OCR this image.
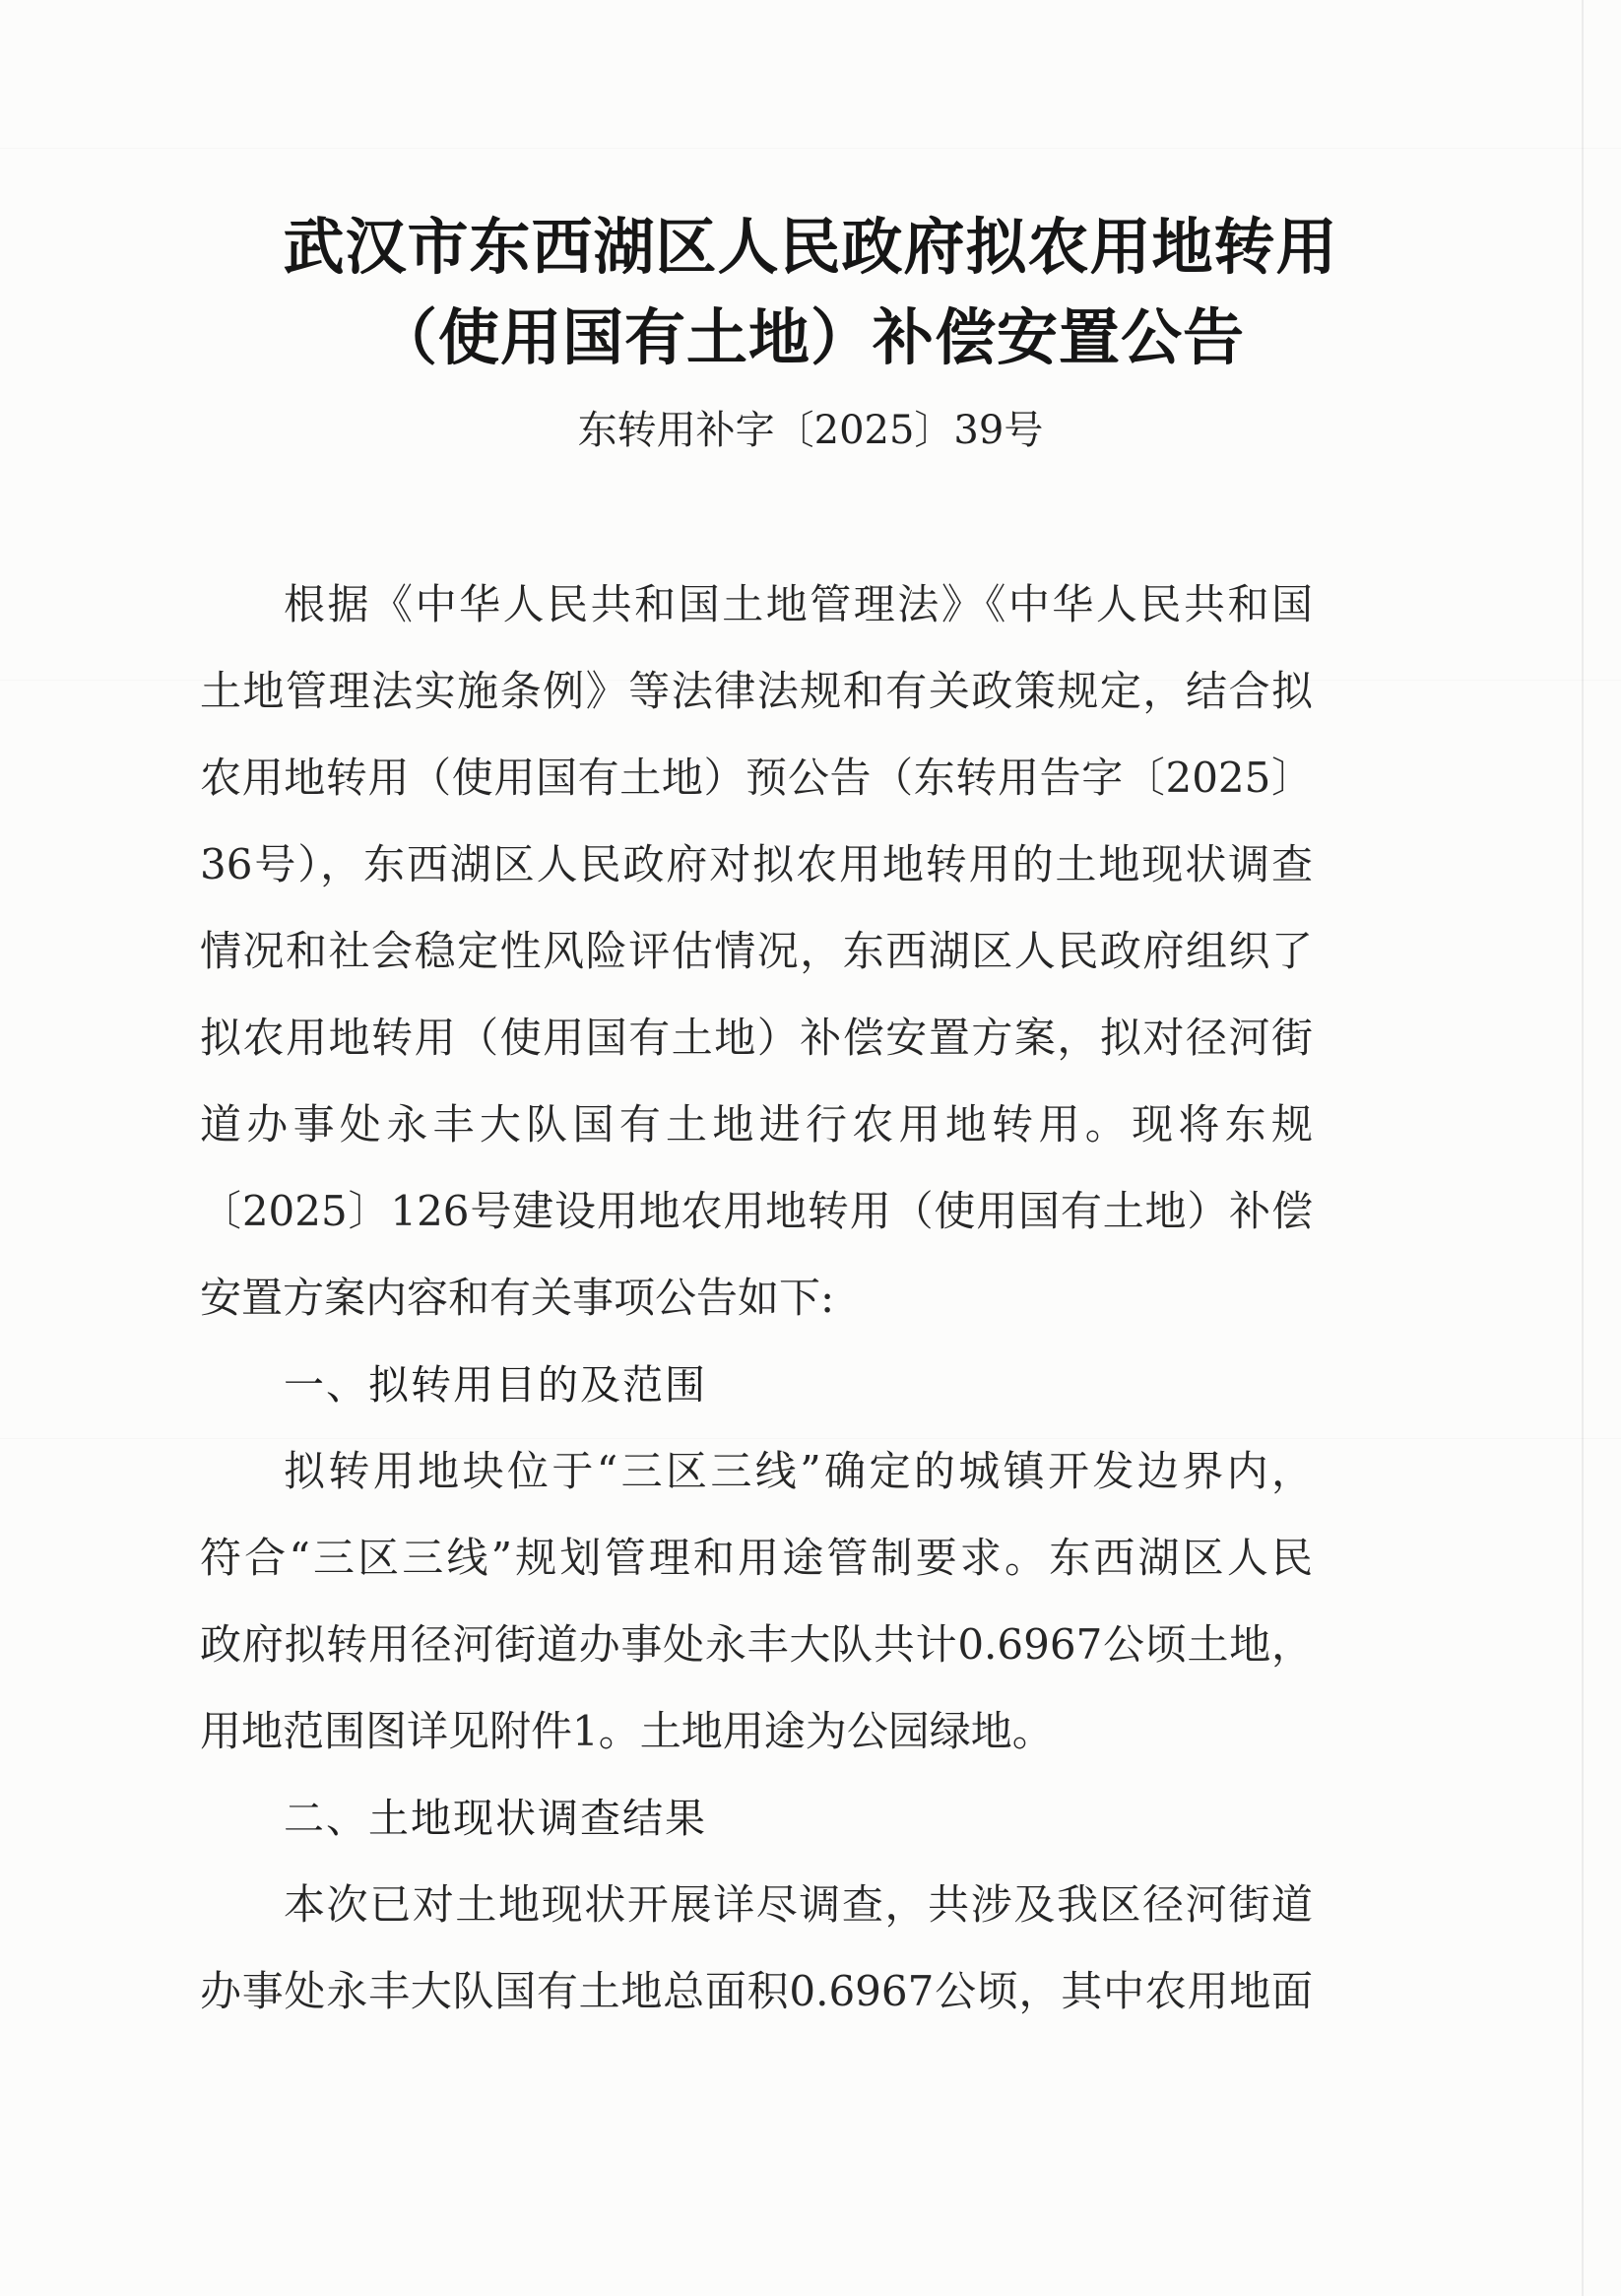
武汉市东西湖区人民政府拟农用地转用
（使用国有土地）补偿安置公告
东转用补字〔2025〕39号
根据《中华人民共和国土地管理法》《中华人民共和国
土地管理法实施条例》等法律法规和有关政策规定，结合拟
农用地转用（使用国有土地）预公告（东转用告字〔2025〕
36号），东西湖区人民政府对拟农用地转用的土地现状调查
情况和社会稳定性风险评估情况，东西湖区人民政府组织了
拟农用地转用（使用国有土地）补偿安置方案，拟对径河街
道办事处永丰大队国有土地进行农用地转用。现将东规
〔2025〕126号建设用地农用地转用（使用国有土地）补偿
安置方案内容和有关事项公告如下:
一、拟转用目的及范围
拟转用地块位于“三区三线”确定的城镇开发边界内，
符合“三区三线”规划管理和用途管制要求。东西湖区人民
政府拟转用径河街道办事处永丰大队共计0.6967公顷土地，
用地范围图详见附件1。土地用途为公园绿地。
二、土地现状调查结果
本次已对土地现状开展详尽调查，共涉及我区径河街道
办事处永丰大队国有土地总面积0.6967公顷，其中农用地面
